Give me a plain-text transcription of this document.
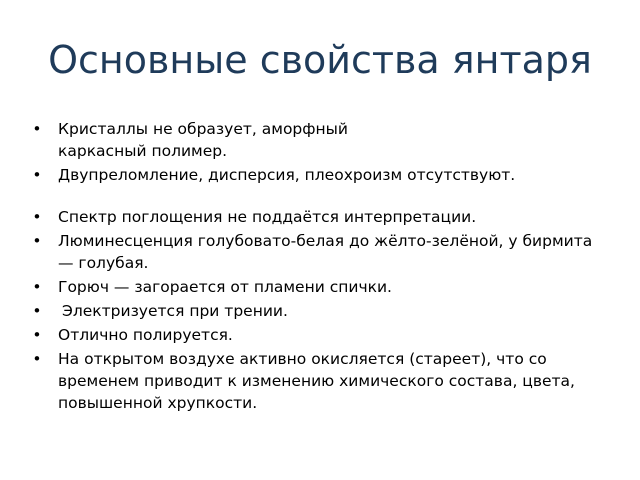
Основные свойства янтаря
• Кристаллы не образует, аморфный каркасный полимер.
• Двупреломление, дисперсия, плеохроизм отсутствуют.
• Спектр поглощения не поддаётся интерпретации.
• Люминесценция голубовато-белая до жёлто-зелёной, у бирмита — голубая.
• Горюч — загорается от пламени спички.
• Электризуется при трении.
• Отлично полируется.
• На открытом воздухе активно окисляется (стареет), что со временем приводит к изменению химического состава, цвета, повышенной хрупкости.
